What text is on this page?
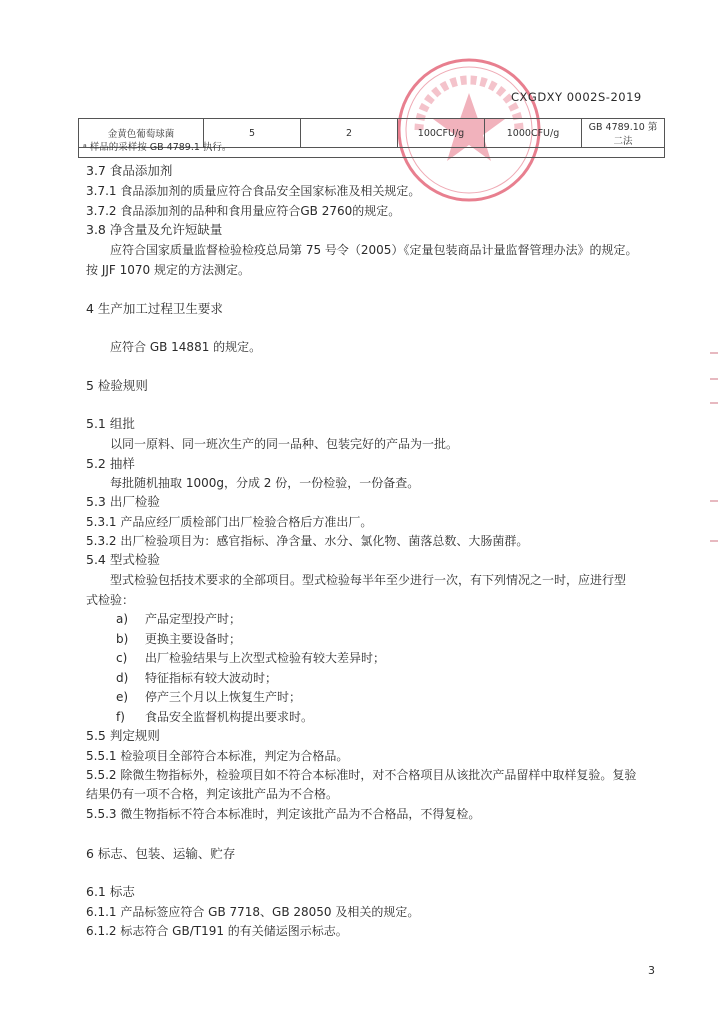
CXGDXY 0002S-2019
金黄色葡萄球菌	5	2	100CFU/g	1000CFU/g	GB 4789.10 第二法
ᵃ 样品的采样按 GB 4789.1 执行。
3.7 食品添加剂
3.7.1 食品添加剂的质量应符合食品安全国家标准及相关规定。
3.7.2 食品添加剂的品种和食用量应符合GB 2760的规定。
3.8 净含量及允许短缺量
应符合国家质量监督检验检疫总局第 75 号令（2005）《定量包装商品计量监督管理办法》的规定。
按 JJF 1070 规定的方法测定。
4 生产加工过程卫生要求
应符合 GB 14881 的规定。
5 检验规则
5.1 组批
以同一原料、同一班次生产的同一品种、包装完好的产品为一批。
5.2 抽样
每批随机抽取 1000g，分成 2 份，一份检验，一份备查。
5.3 出厂检验
5.3.1 产品应经厂质检部门出厂检验合格后方准出厂。
5.3.2 出厂检验项目为：感官指标、净含量、水分、氯化物、菌落总数、大肠菌群。
5.4 型式检验
型式检验包括技术要求的全部项目。型式检验每半年至少进行一次，有下列情况之一时，应进行型
式检验：
a) 产品定型投产时；
b) 更换主要设备时；
c) 出厂检验结果与上次型式检验有较大差异时；
d) 特征指标有较大波动时；
e) 停产三个月以上恢复生产时；
f) 食品安全监督机构提出要求时。
5.5 判定规则
5.5.1 检验项目全部符合本标准，判定为合格品。
5.5.2 除微生物指标外，检验项目如不符合本标准时，对不合格项目从该批次产品留样中取样复验。复验
结果仍有一项不合格，判定该批产品为不合格。
5.5.3 微生物指标不符合本标准时，判定该批产品为不合格品，不得复检。
6 标志、包装、运输、贮存
6.1 标志
6.1.1 产品标签应符合 GB 7718、GB 28050 及相关的规定。
6.1.2 标志符合 GB/T191 的有关储运图示标志。
3
